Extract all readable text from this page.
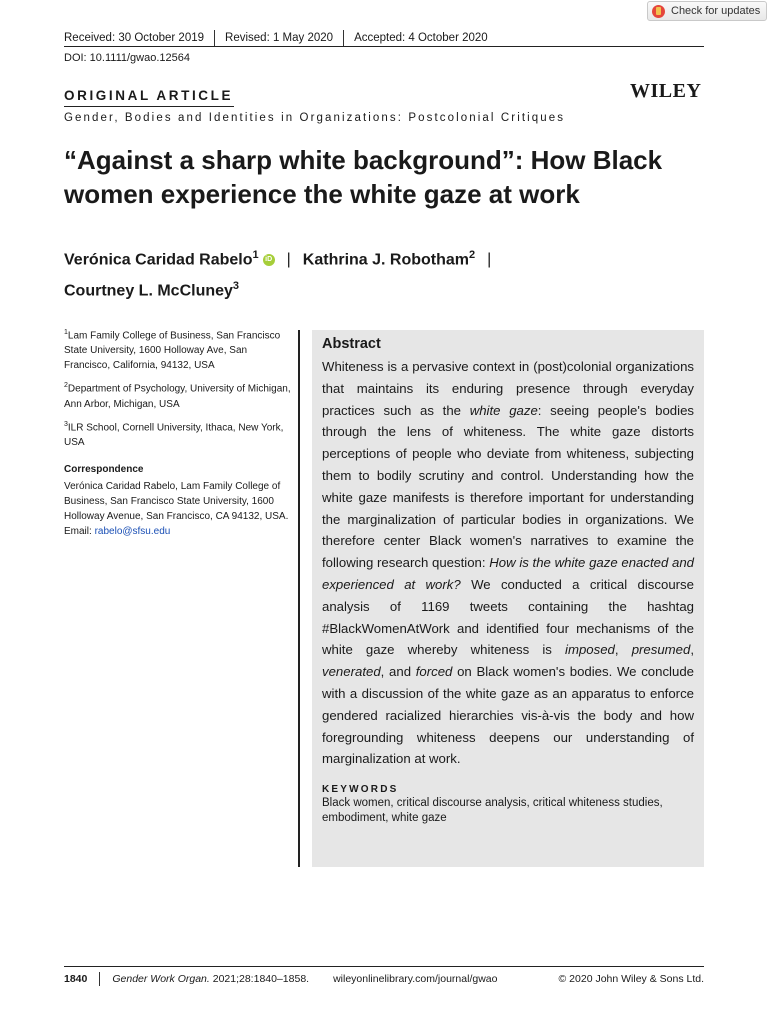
Check for updates
Received: 30 October 2019 Revised: 1 May 2020 Accepted: 4 October 2020
DOI: 10.1111/gwao.12564
ORIGINAL ARTICLE	WILEY
Gender, Bodies and Identities in Organizations: Postcolonial Critiques
“Against a sharp white background”: How Black women experience the white gaze at work
Verónica Caridad Rabelo$^1$ iD | Kathrina J. Robotham$^2$ |
Courtney L. McCluney$^3$

$^1$Lam Family College of Business, San Francisco State University, 1600 Holloway Ave, San Francisco, California, 94132, USA

$^2$Department of Psychology, University of Michigan, Ann Arbor, Michigan, USA

$^3$ILR School, Cornell University, Ithaca, New York, USA

Correspondence

Verónica Caridad Rabelo, Lam Family College of Business, San Francisco State University, 1600 Holloway Avenue, San Francisco, CA 94132, USA.
Email: rabelo@sfsu.edu

Abstract
Whiteness is a pervasive context in (post)colonial organizations that maintains its enduring presence through everyday practices such as the white gaze: seeing people's bodies through the lens of whiteness. The white gaze distorts perceptions of people who deviate from whiteness, subjecting them to bodily scrutiny and control. Understanding how the white gaze manifests is therefore important for understanding the marginalization of particular bodies in organizations. We therefore center Black women's narratives to examine the following research question: How is the white gaze enacted and experienced at work? We conducted a critical discourse analysis of 1169 tweets containing the hashtag #BlackWomenAtWork and identified four mechanisms of the white gaze whereby whiteness is imposed, presumed, venerated, and forced on Black women's bodies. We conclude with a discussion of the white gaze as an apparatus to enforce gendered racialized hierarchies vis-à-vis the body and how foregrounding whiteness deepens our understanding of marginalization at work.
KEYWORDS
Black women, critical discourse analysis, critical whiteness studies, embodiment, white gaze
1840 Gender Work Organ. 2021;28:1840–1858. wileyonlinelibrary.com/journal/gwao	© 2020 John Wiley & Sons Ltd.
